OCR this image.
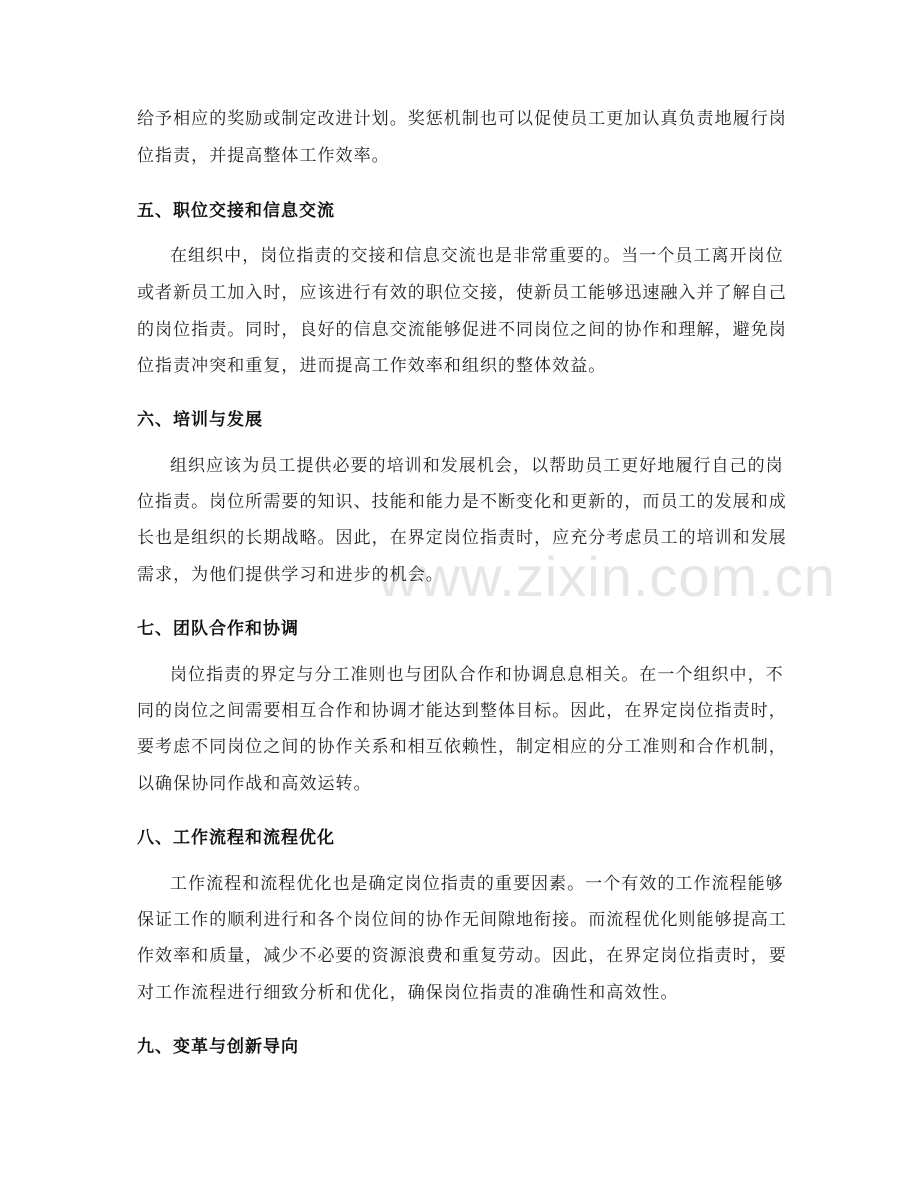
www.zixin.com.cn

给予相应的奖励或制定改进计划。奖惩机制也可以促使员工更加认真负责地履行岗

位指责，并提高整体工作效率。

五、职位交接和信息交流

在组织中，岗位指责的交接和信息交流也是非常重要的。当一个员工离开岗位

或者新员工加入时，应该进行有效的职位交接，使新员工能够迅速融入并了解自己

的岗位指责。同时，良好的信息交流能够促进不同岗位之间的协作和理解，避免岗

位指责冲突和重复，进而提高工作效率和组织的整体效益。

六、培训与发展

组织应该为员工提供必要的培训和发展机会，以帮助员工更好地履行自己的岗

位指责。岗位所需要的知识、技能和能力是不断变化和更新的，而员工的发展和成

长也是组织的长期战略。因此，在界定岗位指责时，应充分考虑员工的培训和发展

需求，为他们提供学习和进步的机会。

七、团队合作和协调

岗位指责的界定与分工准则也与团队合作和协调息息相关。在一个组织中，不

同的岗位之间需要相互合作和协调才能达到整体目标。因此，在界定岗位指责时，

要考虑不同岗位之间的协作关系和相互依赖性，制定相应的分工准则和合作机制，

以确保协同作战和高效运转。

八、工作流程和流程优化

工作流程和流程优化也是确定岗位指责的重要因素。一个有效的工作流程能够

保证工作的顺利进行和各个岗位间的协作无间隙地衔接。而流程优化则能够提高工

作效率和质量，减少不必要的资源浪费和重复劳动。因此，在界定岗位指责时，要

对工作流程进行细致分析和优化，确保岗位指责的准确性和高效性。

九、变革与创新导向
